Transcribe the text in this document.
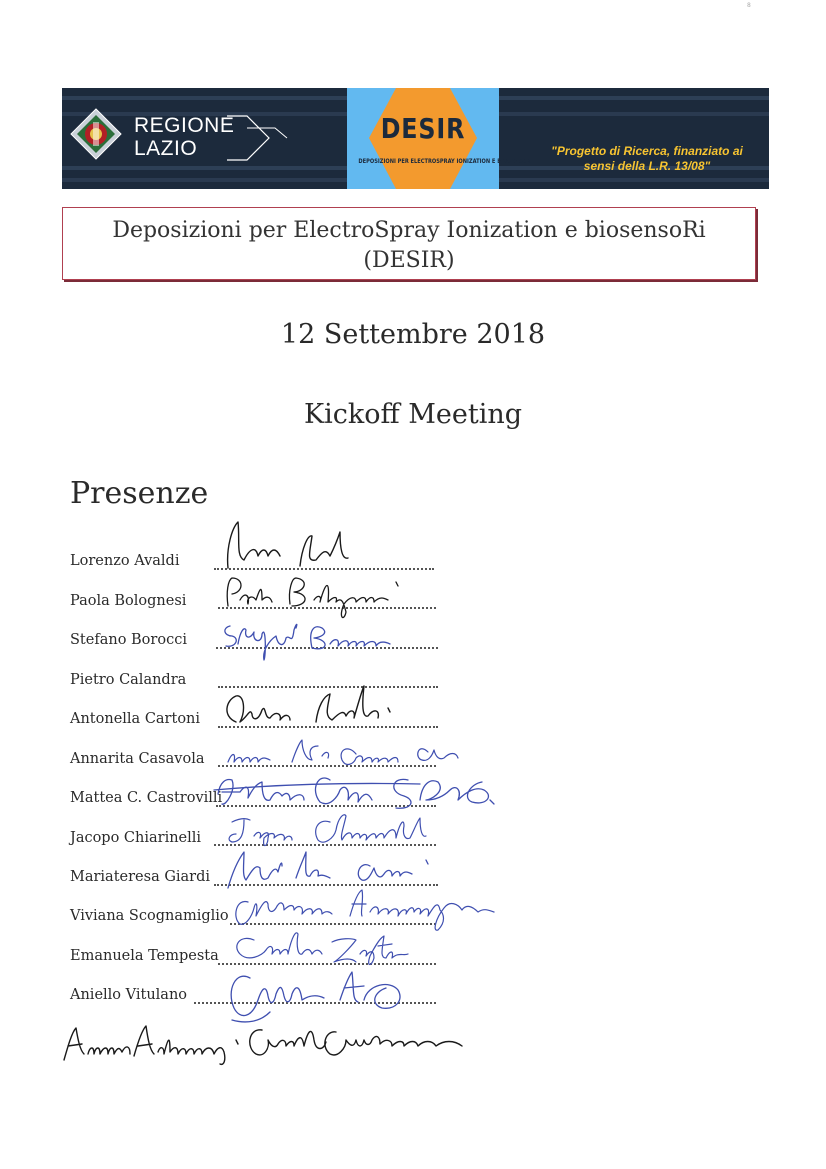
8
REGIONE
LAZIO
DESIR
DEPOSIZIONI PER ELECTROSPRAY IONIZATION E BIOSENSORI
"Progetto di Ricerca, finanziato ai
sensi della L.R. 13/08"
Deposizioni per ElectroSpray Ionization e biosensoRi
(DESIR)
12 Settembre 2018
Kickoff Meeting
Presenze
Lorenzo Avaldi
Paola Bolognesi
Stefano Borocci
Pietro Calandra
Antonella Cartoni
Annarita Casavola
Mattea C. Castrovilli
Jacopo Chiarinelli
Mariateresa Giardi
Viviana Scognamiglio
Emanuela Tempesta
Aniello Vitulano
